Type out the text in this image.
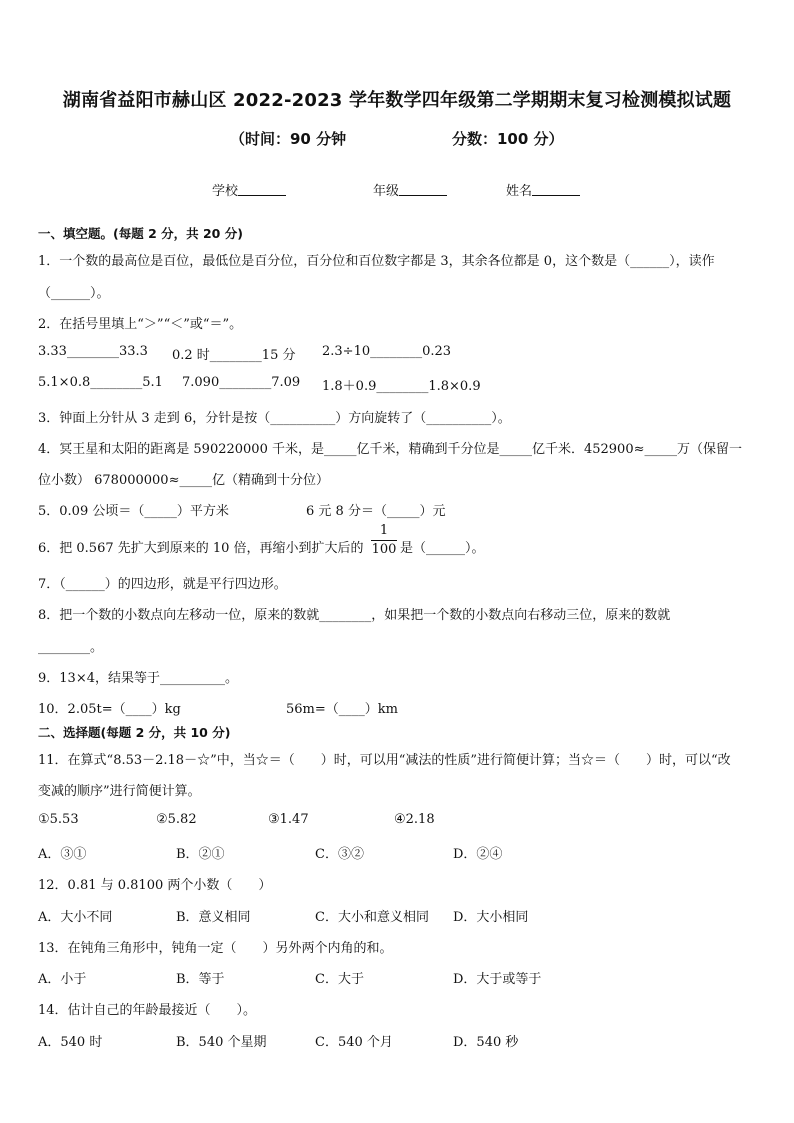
湖南省益阳市赫山区 2022-2023 学年数学四年级第二学期期末复习检测模拟试题
（时间：90 分钟	分数：100 分）
学校	年级	姓名
一、填空题。(每题 2 分，共 20 分)
1．一个数的最高位是百位，最低位是百分位，百分位和百位数字都是 3，其余各位都是 0，这个数是（______），读作
（______）。
2．在括号里填上“＞”“＜”或“＝”。
3.33________33.3 0.2 时________15 分 2.3÷10________0.23
5.1×0.8________5.1 7.090________7.09 1.8＋0.9________1.8×0.9
3．钟面上分针从 3 走到 6，分针是按（__________）方向旋转了（__________）。
4．冥王星和太阳的距离是 590220000 千米，是_____亿千米，精确到千分位是_____亿千米．452900≈_____万（保留一
位小数） 678000000≈_____亿（精确到十分位）
5．0.09 公顷＝（_____）平方米	6 元 8 分＝（_____）元
6．把 0.567 先扩大到原来的 10 倍，再缩小到扩大后的
1
100 是（______）。
7．（______）的四边形，就是平行四边形。
8．把一个数的小数点向左移动一位，原来的数就________，如果把一个数的小数点向右移动三位，原来的数就
________。
9．13×4，结果等于__________。
10．2.05t=（____）kg	56m=（____）km
二、选择题(每题 2 分，共 10 分)
11．在算式“8.53－2.18－☆”中，当☆＝（　　）时，可以用“减法的性质”进行简便计算；当☆＝（　　）时，可以“改
变减的顺序”进行简便计算。
①5.53	②5.82	③1.47	④2.18
A．③①	B．②①	C．③②	D．②④
12．0.81 与 0.8100 两个小数（　　）
A．大小不同	B．意义相同	C．大小和意义相同 D．大小相同
13．在钝角三角形中，钝角一定（　　）另外两个内角的和。
A．小于	B．等于	C．大于	D．大于或等于
14．估计自己的年龄最接近（　　）。
A．540 时	B．540 个星期	C．540 个月	D．540 秒
